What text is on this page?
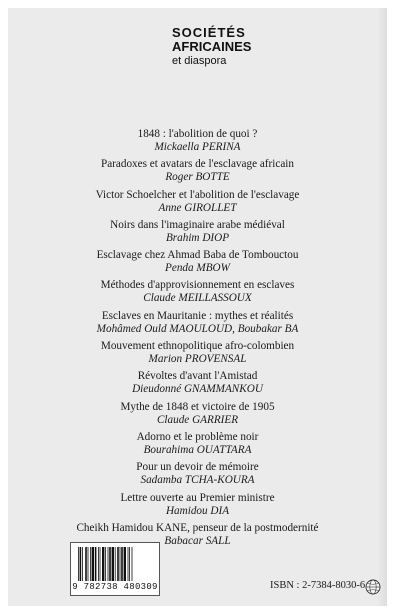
SOCIÉTÉS
AFRICAINES
et diaspora
1848 : l'abolition de quoi ?
Mickaella PERINA
Paradoxes et avatars de l'esclavage africain
Roger BOTTE
Victor Schoelcher et l'abolition de l'esclavage
Anne GIROLLET
Noirs dans l'imaginaire arabe médiéval
Brahim DIOP
Esclavage chez Ahmad Baba de Tombouctou
Penda MBOW
Méthodes d'approvisionnement en esclaves
Claude MEILLASSOUX
Esclaves en Mauritanie : mythes et réalités
Mohâmed Ould MAOULOUD, Boubakar BA
Mouvement ethnopolitique afro-colombien
Marion PROVENSAL
Révoltes d'avant l'Amistad
Dieudonné GNAMMANKOU
Mythe de 1848 et victoire de 1905
Claude GARRIER
Adorno et le problème noir
Bourahima OUATTARA
Pour un devoir de mémoire
Sadamba TCHA-KOURA
Lettre ouverte au Premier ministre
Hamidou DIA
Cheikh Hamidou KANE, penseur de la postmodernité
Babacar SALL
9 782738 480309	ISBN : 2-7384-8030-6
